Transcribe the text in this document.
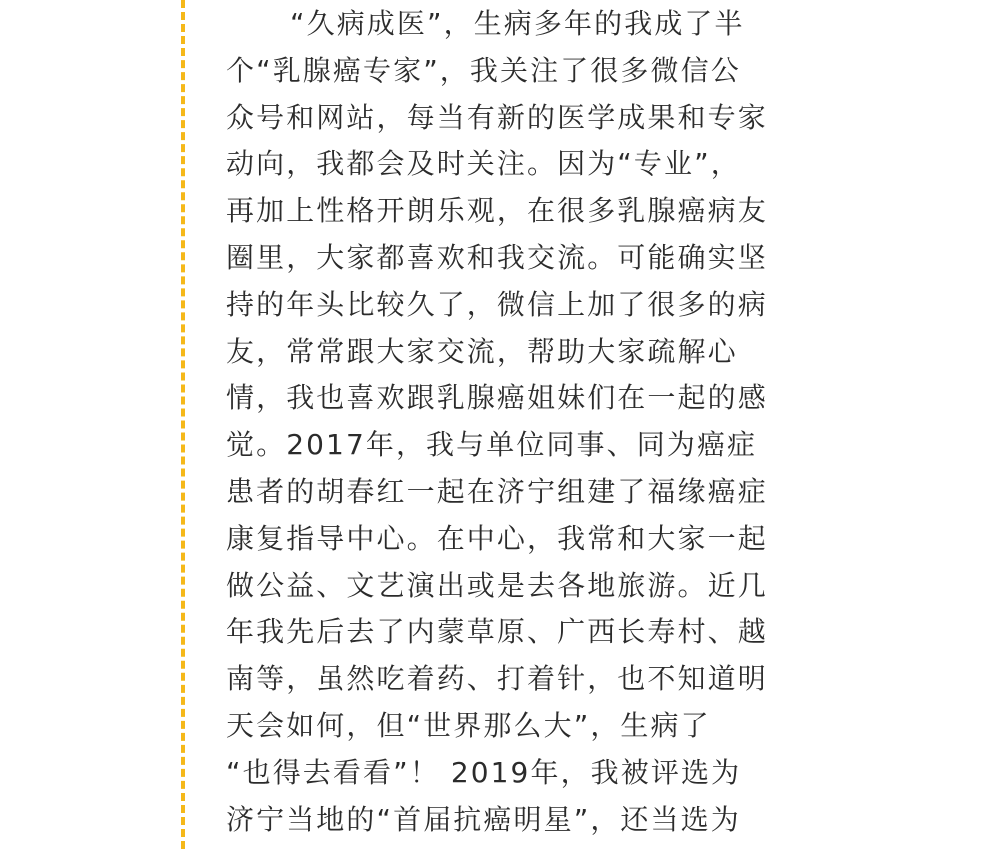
“久病成医”，生病多年的我成了半
个“乳腺癌专家”，我关注了很多微信公
众号和网站，每当有新的医学成果和专家
动向，我都会及时关注。因为“专业”，
再加上性格开朗乐观，在很多乳腺癌病友
圈里，大家都喜欢和我交流。可能确实坚
持的年头比较久了，微信上加了很多的病
友，常常跟大家交流，帮助大家疏解心
情，我也喜欢跟乳腺癌姐妹们在一起的感
觉。2017年，我与单位同事、同为癌症
患者的胡春红一起在济宁组建了福缘癌症
康复指导中心。在中心，我常和大家一起
做公益、文艺演出或是去各地旅游。近几
年我先后去了内蒙草原、广西长寿村、越
南等，虽然吃着药、打着针，也不知道明
天会如何，但“世界那么大”，生病了
“也得去看看”！ 2019年，我被评选为
济宁当地的“首届抗癌明星”，还当选为
